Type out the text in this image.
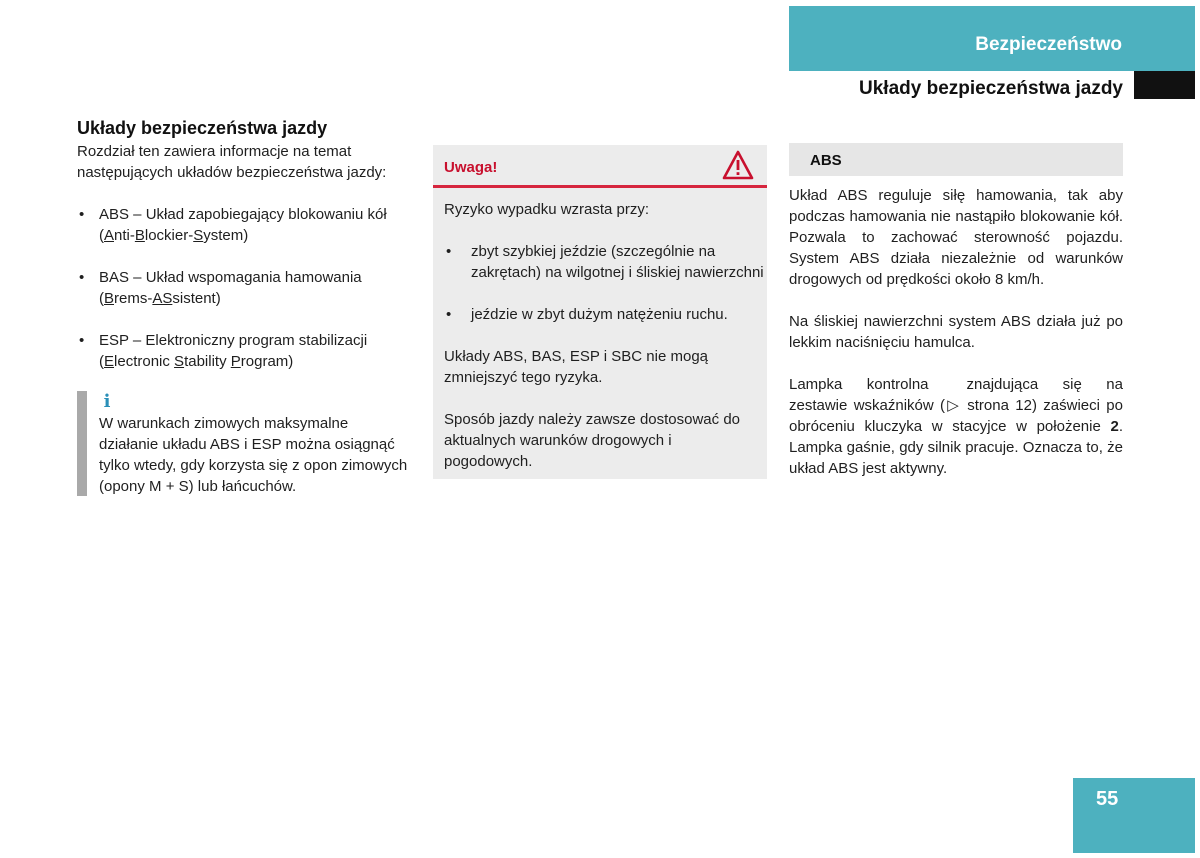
Bezpieczeństwo
Układy bezpieczeństwa jazdy
Układy bezpieczeństwa jazdy

Rozdział ten zawiera informacje na temat następujących układów bezpieczeństwa jazdy:

• ABS – Układ zapobiegający blokowaniu kół (Anti-Blockier-System)
• BAS – Układ wspomagania hamowania (Brems-ASsistent)
• ESP – Elektroniczny program stabilizacji (Electronic Stability Program)
i
W warunkach zimowych maksymalne działanie układu ABS i ESP można osiągnąć tylko wtedy, gdy korzysta się z opon zimowych (opony M + S) lub łańcuchów.
Uwaga!

Ryzyko wypadku wzrasta przy:

• zbyt szybkiej jeździe (szczególnie na zakrętach) na wilgotnej i śliskiej nawierzchni
• jeździe w zbyt dużym natężeniu ruchu.

Układy ABS, BAS, ESP i SBC nie mogą zmniejszyć tego ryzyka.

Sposób jazdy należy zawsze dostosować do aktualnych warunków drogowych i pogodowych.

ABS

Układ ABS reguluje siłę hamowania, tak aby podczas hamowania nie nastąpiło blokowanie kół. Pozwala to zachować sterowność pojazdu. System ABS działa niezależnie od warunków drogowych od prędkości około 8 km/h.

Na śliskiej nawierzchni system ABS działa już po lekkim naciśnięciu hamulca.

Lampka kontrolna	znajdująca się na zestawie wskaźników (▷ strona 12) zaświeci po obróceniu kluczyka w stacyjce w położenie 2. Lampka gaśnie, gdy silnik pracuje. Oznacza to, że układ ABS jest aktywny.

55
